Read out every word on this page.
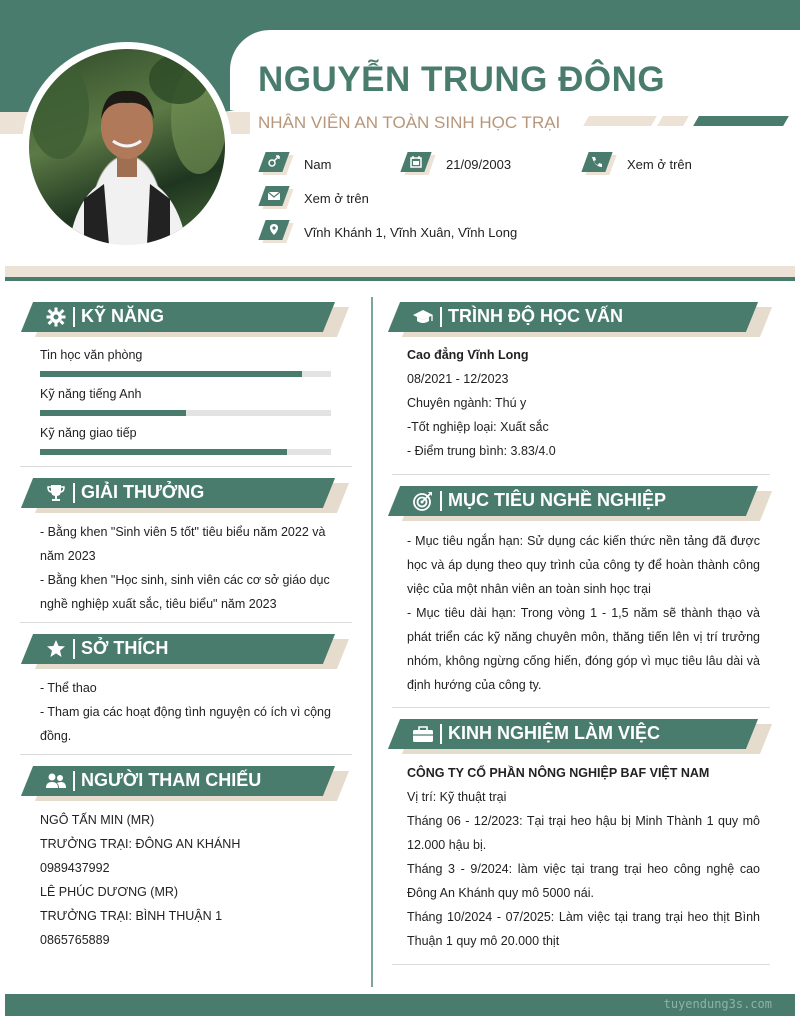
NGUYỄN TRUNG ĐÔNG
NHÂN VIÊN AN TOÀN SINH HỌC TRẠI
Nam	21/09/2003	Xem ở trên
Xem ở trên
Vĩnh Khánh 1, Vĩnh Xuân, Vĩnh Long
KỸ NĂNG
Tin học văn phòng
Kỹ năng tiếng Anh
Kỹ năng giao tiếp
GIẢI THƯỞNG
- Bằng khen "Sinh viên 5 tốt" tiêu biểu năm 2022 và
năm 2023
- Bằng khen "Học sinh, sinh viên các cơ sở giáo dục
nghề nghiệp xuất sắc, tiêu biểu" năm 2023
SỞ THÍCH
- Thể thao
- Tham gia các hoạt động tình nguyện có ích vì cộng
đồng.
NGƯỜI THAM CHIẾU
NGÔ TẤN MIN (MR)
TRƯỞNG TRẠI: ĐÔNG AN KHÁNH
0989437992
LÊ PHÚC DƯƠNG (MR)
TRƯỞNG TRẠI: BÌNH THUẬN 1
0865765889
TRÌNH ĐỘ HỌC VẤN
Cao đẳng Vĩnh Long
08/2021 - 12/2023
Chuyên ngành: Thú y
-Tốt nghiệp loại: Xuất sắc
- Điểm trung bình: 3.83/4.0
MỤC TIÊU NGHỀ NGHIỆP
- Mục tiêu ngắn hạn: Sử dụng các kiến thức nền tảng đã được học và áp dụng theo quy trình của công ty để hoàn thành công việc của một nhân viên an toàn sinh học trại
- Mục tiêu dài hạn: Trong vòng 1 - 1,5 năm sẽ thành thạo và phát triển các kỹ năng chuyên môn, thăng tiến lên vị trí trưởng nhóm, không ngừng cống hiến, đóng góp vì mục tiêu lâu dài và định hướng của công ty.
KINH NGHIỆM LÀM VIỆC
CÔNG TY CỔ PHẦN NÔNG NGHIỆP BAF VIỆT NAM
Vị trí: Kỹ thuật trại
Tháng 06 - 12/2023: Tại trại heo hậu bị Minh Thành 1 quy mô 12.000 hậu bị.
Tháng 3 - 9/2024: làm việc tại trang trại heo công nghệ cao Đông An Khánh quy mô 5000 nái.
Tháng 10/2024 - 07/2025: Làm việc tại trang trại heo thịt Bình Thuận 1 quy mô 20.000 thịt
tuyendung3s.com
